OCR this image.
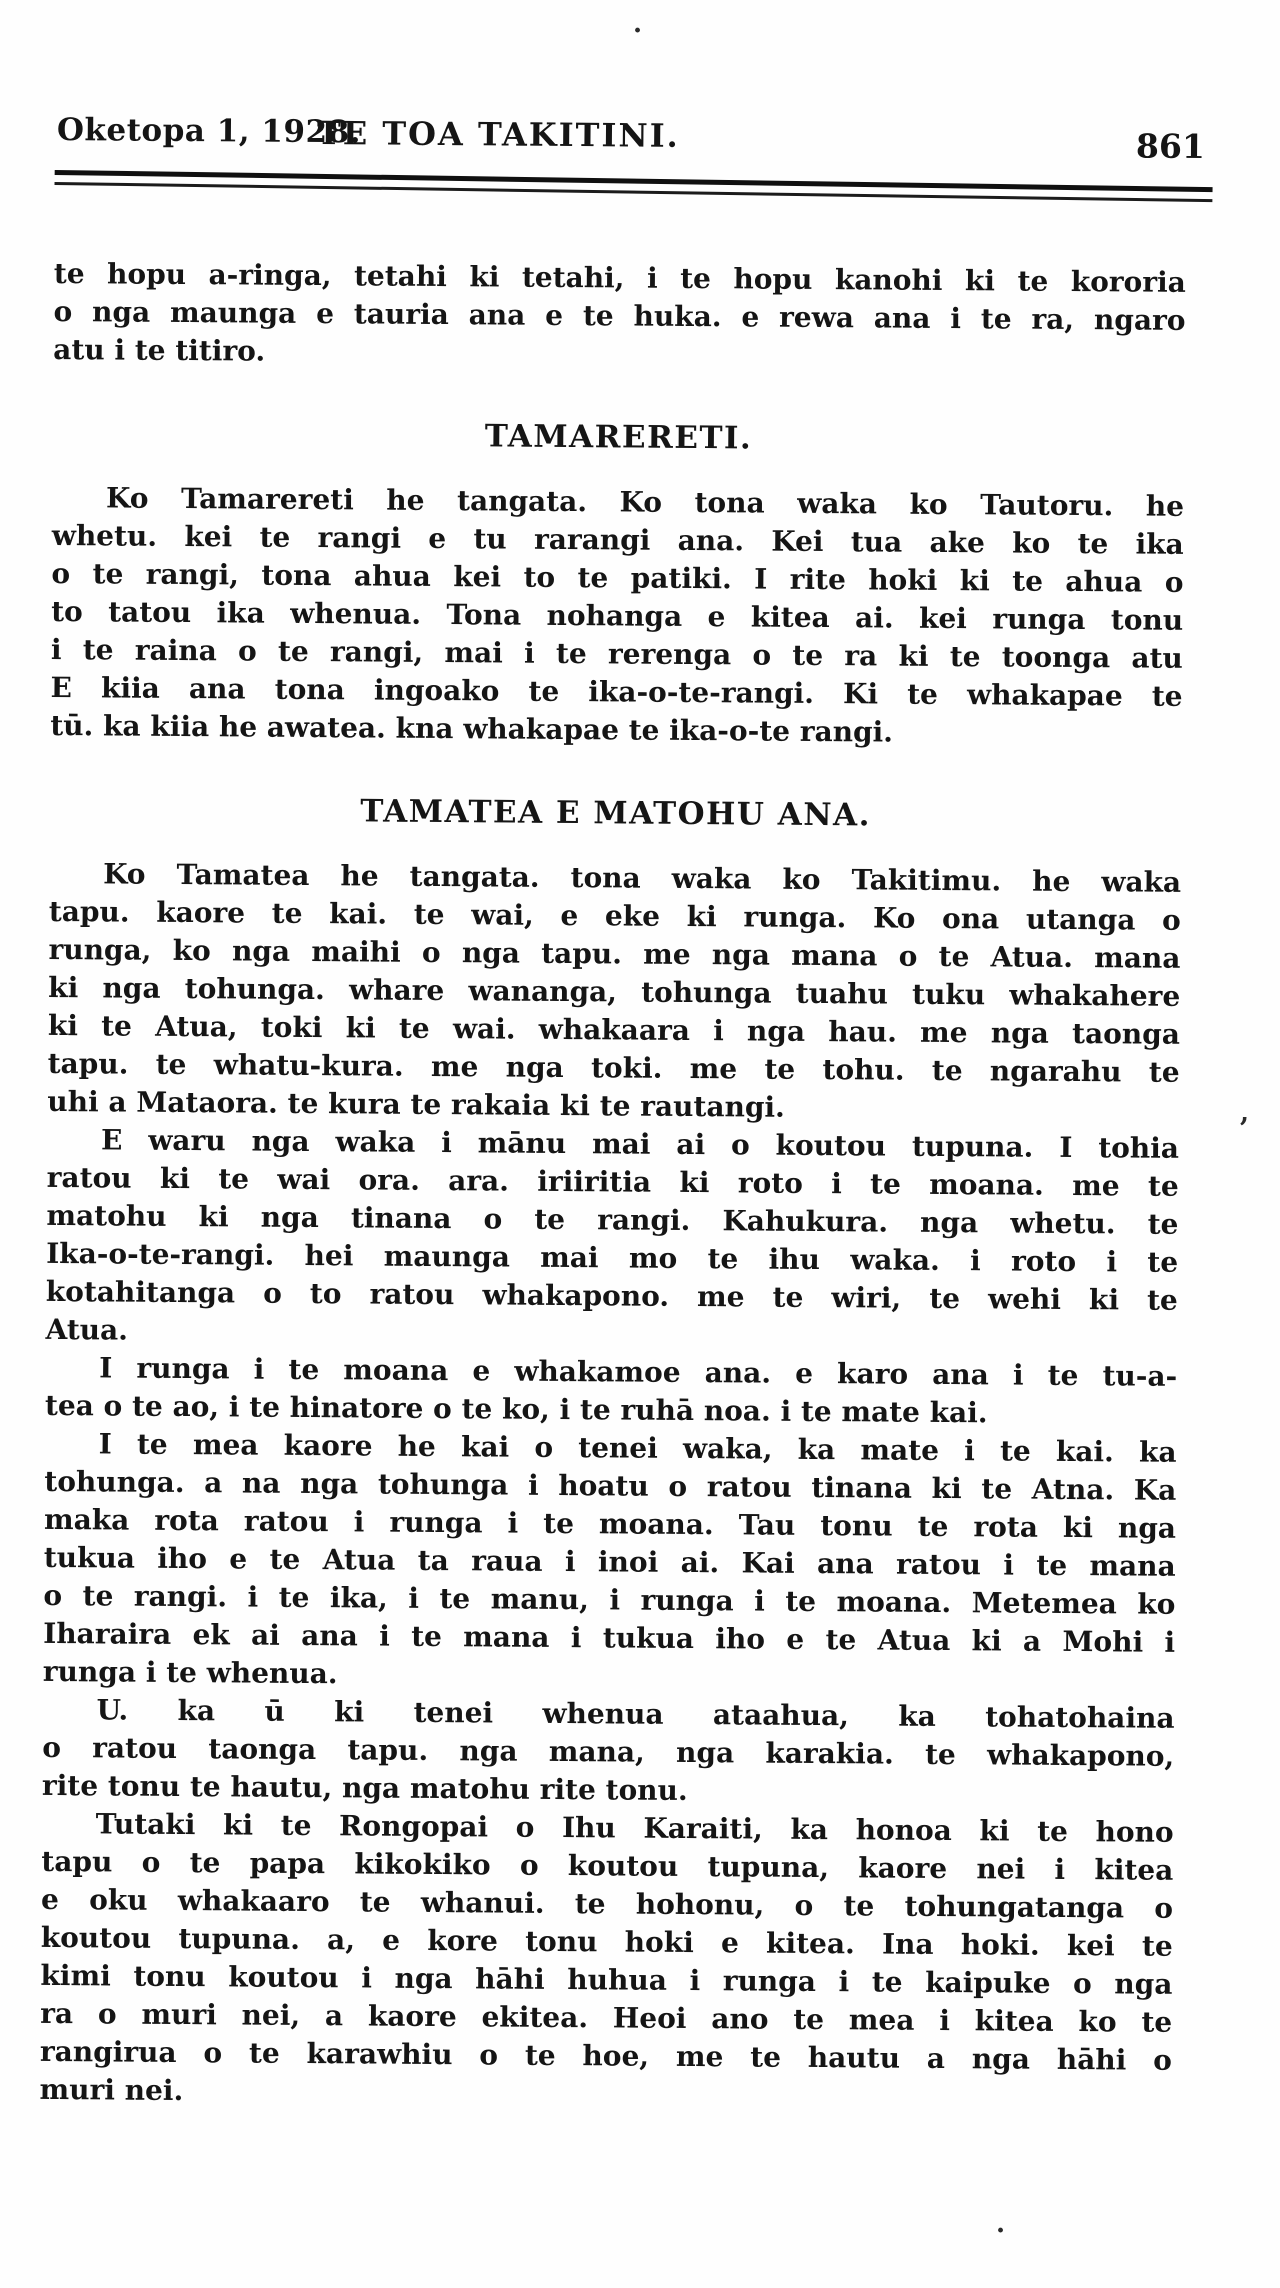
Oketopa 1, 1928.
TE TOA TAKITINI.	861
te hopu a-ringa, tetahi ki tetahi, i te hopu kanohi ki te kororia
o nga maunga e tauria ana e te huka. e rewa ana i te ra, ngaro
atu i te titiro.
TAMARERETI.
Ko Tamarereti he tangata. Ko tona waka ko Tautoru. he
whetu. kei te rangi e tu rarangi ana. Kei tua ake ko te ika
o te rangi, tona ahua kei to te patiki. I rite hoki ki te ahua o
to tatou ika whenua. Tona nohanga e kitea ai. kei runga tonu
i te raina o te rangi, mai i te rerenga o te ra ki te toonga atu
E kiia ana tona ingoako te ika-o-te-rangi. Ki te whakapae te
tū. ka kiia he awatea. kna whakapae te ika-o-te rangi.
TAMATEA E MATOHU ANA.
Ko Tamatea he tangata. tona waka ko Takitimu. he waka
tapu. kaore te kai. te wai, e eke ki runga. Ko ona utanga o
runga, ko nga maihi o nga tapu. me nga mana o te Atua. mana
ki nga tohunga. whare wananga, tohunga tuahu tuku whakahere
ki te Atua, toki ki te wai. whakaara i nga hau. me nga taonga
tapu. te whatu-kura. me nga toki. me te tohu. te ngarahu te
uhi a Mataora. te kura te rakaia ki te rautangi.
E waru nga waka i mānu mai ai o koutou tupuna. I tohia
ratou ki te wai ora. ara. iriiritia ki roto i te moana. me te
matohu ki nga tinana o te rangi. Kahukura. nga whetu. te
Ika-o-te-rangi. hei maunga mai mo te ihu waka. i roto i te
kotahitanga o to ratou whakapono. me te wiri, te wehi ki te
Atua.
I runga i te moana e whakamoe ana. e karo ana i te tu-a-
tea o te ao, i te hinatore o te ko, i te ruhā noa. i te mate kai.
I te mea kaore he kai o tenei waka, ka mate i te kai. ka
tohunga. a na nga tohunga i hoatu o ratou tinana ki te Atna. Ka
maka rota ratou i runga i te moana. Tau tonu te rota ki nga
tukua iho e te Atua ta raua i inoi ai. Kai ana ratou i te mana
o te rangi. i te ika, i te manu, i runga i te moana. Metemea ko
Iharaira ek ai ana i te mana i tukua iho e te Atua ki a Mohi i
runga i te whenua.
U. ka ū ki tenei whenua ataahua, ka tohatohaina
o ratou taonga tapu. nga mana, nga karakia. te whakapono,
rite tonu te hautu, nga matohu rite tonu.
Tutaki ki te Rongopai o Ihu Karaiti, ka honoa ki te hono
tapu o te papa kikokiko o koutou tupuna, kaore nei i kitea
e oku whakaaro te whanui. te hohonu, o te tohungatanga o
koutou tupuna. a, e kore tonu hoki e kitea. Ina hoki. kei te
kimi tonu koutou i nga hāhi huhua i runga i te kaipuke o nga
ra o muri nei, a kaore ekitea. Heoi ano te mea i kitea ko te
rangirua o te karawhiu o te hoe, me te hautu a nga hāhi o
muri nei.
·
,
·
